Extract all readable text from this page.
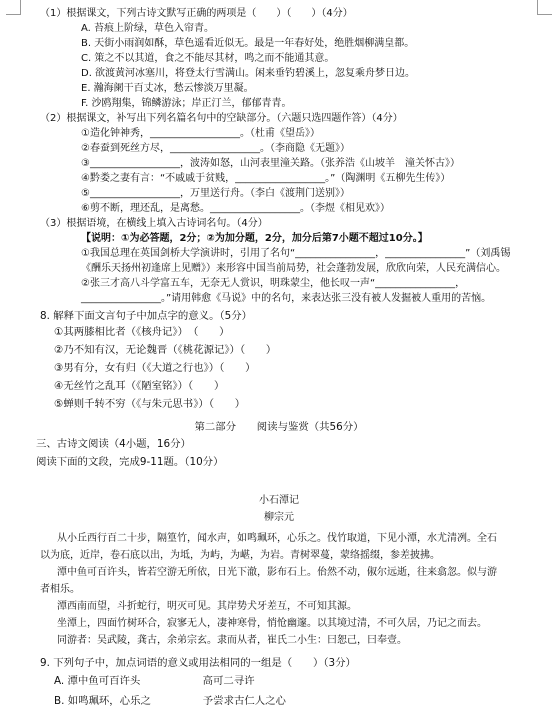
（1）根据课文，下列古诗文默写正确的两项是（　　）（　　）（4分）
A. 苔痕上阶绿，草色入帘青。
B. 天街小雨润如酥，草色遥看近似无。最是一年春好处，绝胜烟柳满皇都。
C. 策之不以其道，食之不能尽其材，鸣之而不能通其意。
D. 欲渡黄河冰塞川，将登太行雪满山。闲来垂钓碧溪上，忽复乘舟梦日边。
E. 瀚海阑干百丈冰，愁云惨淡万里凝。
F. 沙鸥翔集，锦鳞游泳；岸正汀兰，郁郁青青。
（2）根据课文，补写出下列名篇名句中的空缺部分。（六题只选四题作答）（4分）
①造化钟神秀，__________________。（杜甫《望岳》）
②春蚕到死丝方尽，__________________。（李商隐《无题》）
③__________________，波涛如怒，山河表里潼关路。（张养浩《山坡羊　潼关怀古》）
④黔娄之妻有言：“不戚戚于贫贱，__________________。”（陶渊明《五柳先生传》）
⑤__________________，万里送行舟。（李白《渡荆门送别》）
⑥剪不断，理还乱，是离愁。__________________。（李煜《相见欢》）
（3）根据语境，在横线上填入古诗词名句。（4分）
【说明：①为必答题，2分；②为加分题，2分，加分后第7小题不超过10分。】
①我国总理在英国剑桥大学演讲时，引用了名句“________________，________________”（刘禹锡
《酬乐天扬州初逢席上见赠》）来形容中国当前局势，社会蓬勃发展，欣欣向荣，人民充满信心。
②张三才高八斗学富五车，无奈无人赏识，明珠蒙尘，他长叹一声“________________，
________________。”请用韩愈《马说》中的名句，来表达张三没有被人发掘被人重用的苦恼。
8. 解释下面文言句子中加点字的意义。（5分）
①其两膝相比者（《核舟记》）　（　　）
②乃不知有汉，无论魏晋（《桃花源记》）（　　）
③男有分，女有归（《大道之行也》）（　　）
④无丝竹之乱耳（《陋室铭》）（　　）
⑤蝉则千转不穷（《与朱元思书》）（　　）
第二部分　　阅读与鉴赏（共56分）
三、古诗文阅读（4小题，16分）
阅读下面的文段，完成9-11题。（10分）
小石潭记
柳宗元
从小丘西行百二十步，隔篁竹，闻水声，如鸣珮环，心乐之。伐竹取道，下见小潭，水尤清冽。全石
以为底，近岸，卷石底以出，为坻，为屿，为嵁，为岩。青树翠蔓，蒙络摇缀，参差披拂。
潭中鱼可百许头，皆若空游无所依，日光下澈，影布石上。佁然不动，俶尔远逝，往来翕忽。似与游
者相乐。
潭西南而望，斗折蛇行，明灭可见。其岸势犬牙差互，不可知其源。
坐潭上，四面竹树环合，寂寥无人，凄神寒骨，悄怆幽邃。以其境过清，不可久居，乃记之而去。
同游者：吴武陵，龚古，余弟宗玄。隶而从者，崔氏二小生：曰恕己，曰奉壹。
9. 下列句子中，加点词语的意义或用法相同的一组是（　　）（3分）
A. 潭中鱼可百许头　　　　　　高可二寻许
B. 如鸣珮环，心乐之　　　　　予尝求古仁人之心
